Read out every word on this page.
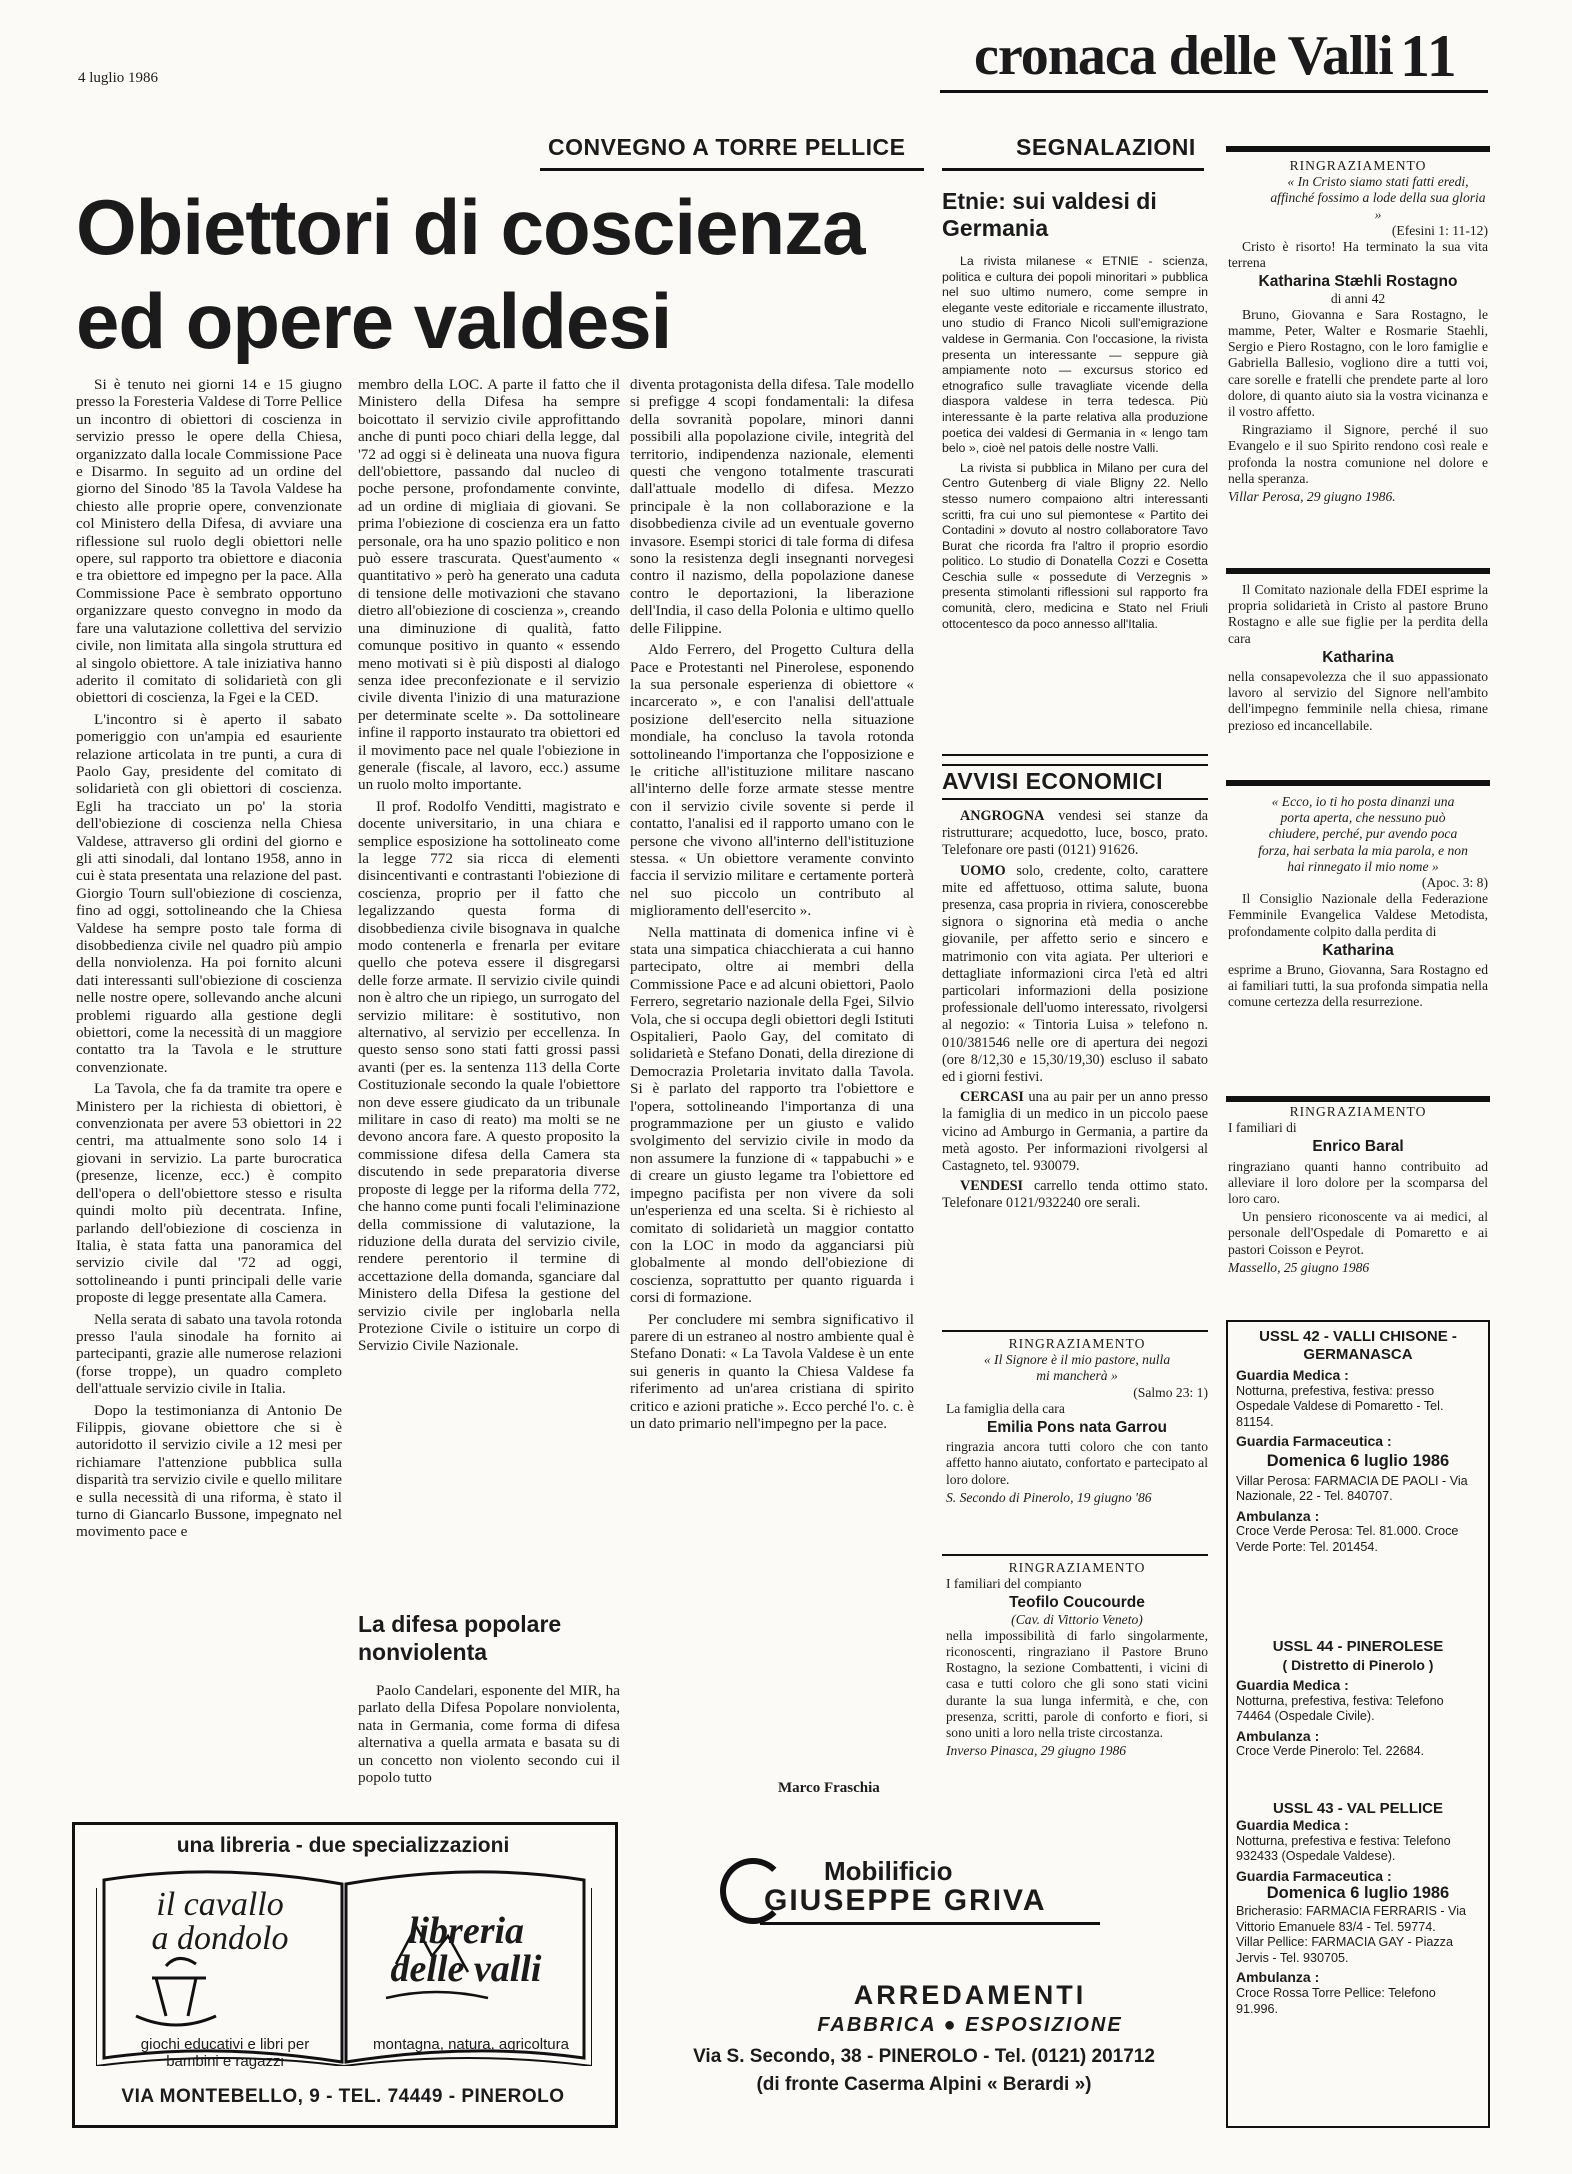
4 luglio 1986	cronaca delle Valli 11
CONVEGNO A TORRE PELLICE	SEGNALAZIONI
Obiettori di coscienza
ed opere valdesi

Si è tenuto nei giorni 14 e 15 giugno presso la Foresteria Valdese di Torre Pellice un incontro di obiettori di coscienza in servizio presso le opere della Chiesa, organizzato dalla locale Commissione Pace e Disarmo. In seguito ad un ordine del giorno del Sinodo '85 la Tavola Valdese ha chiesto alle proprie opere, convenzionate col Ministero della Difesa, di avviare una riflessione sul ruolo degli obiettori nelle opere, sul rapporto tra obiettore e diaconia e tra obiettore ed impegno per la pace. Alla Commissione Pace è sembrato opportuno organizzare questo convegno in modo da fare una valutazione collettiva del servizio civile, non limitata alla singola struttura ed al singolo obiettore. A tale iniziativa hanno aderito il comitato di solidarietà con gli obiettori di coscienza, la Fgei e la CED.

L'incontro si è aperto il sabato pomeriggio con un'ampia ed esauriente relazione articolata in tre punti, a cura di Paolo Gay, presidente del comitato di solidarietà con gli obiettori di coscienza. Egli ha tracciato un po' la storia dell'obiezione di coscienza nella Chiesa Valdese, attraverso gli ordini del giorno e gli atti sinodali, dal lontano 1958, anno in cui è stata presentata una relazione del past. Giorgio Tourn sull'obiezione di coscienza, fino ad oggi, sottolineando che la Chiesa Valdese ha sempre posto tale forma di disobbedienza civile nel quadro più ampio della nonviolenza. Ha poi fornito alcuni dati interessanti sull'obiezione di coscienza nelle nostre opere, sollevando anche alcuni problemi riguardo alla gestione degli obiettori, come la necessità di un maggiore contatto tra la Tavola e le strutture convenzionate.

La Tavola, che fa da tramite tra opere e Ministero per la richiesta di obiettori, è convenzionata per avere 53 obiettori in 22 centri, ma attualmente sono solo 14 i giovani in servizio. La parte burocratica (presenze, licenze, ecc.) è compito dell'opera o dell'obiettore stesso e risulta quindi molto più decentrata. Infine, parlando dell'obiezione di coscienza in Italia, è stata fatta una panoramica del servizio civile dal '72 ad oggi, sottolineando i punti principali delle varie proposte di legge presentate alla Camera.

Nella serata di sabato una tavola rotonda presso l'aula sinodale ha fornito ai partecipanti, grazie alle numerose relazioni (forse troppe), un quadro completo dell'attuale servizio civile in Italia.

Dopo la testimonianza di Antonio De Filippis, giovane obiettore che si è autoridotto il servizio civile a 12 mesi per richiamare l'attenzione pubblica sulla disparità tra servizio civile e quello militare e sulla necessità di una riforma, è stato il turno di Giancarlo Bussone, impegnato nel movimento pace e

membro della LOC. A parte il fatto che il Ministero della Difesa ha sempre boicottato il servizio civile approfittando anche di punti poco chiari della legge, dal '72 ad oggi si è delineata una nuova figura dell'obiettore, passando dal nucleo di poche persone, profondamente convinte, ad un ordine di migliaia di giovani. Se prima l'obiezione di coscienza era un fatto personale, ora ha uno spazio politico e non può essere trascurata. Quest'aumento « quantitativo » però ha generato una caduta di tensione delle motivazioni che stavano dietro all'obiezione di coscienza », creando una diminuzione di qualità, fatto comunque positivo in quanto « essendo meno motivati si è più disposti al dialogo senza idee preconfezionate e il servizio civile diventa l'inizio di una maturazione per determinate scelte ». Da sottolineare infine il rapporto instaurato tra obiettori ed il movimento pace nel quale l'obiezione in generale (fiscale, al lavoro, ecc.) assume un ruolo molto importante.

Il prof. Rodolfo Venditti, magistrato e docente universitario, in una chiara e semplice esposizione ha sottolineato come la legge 772 sia ricca di elementi disincentivanti e contrastanti l'obiezione di coscienza, proprio per il fatto che legalizzando questa forma di disobbedienza civile bisognava in qualche modo contenerla e frenarla per evitare quello che poteva essere il disgregarsi delle forze armate. Il servizio civile quindi non è altro che un ripiego, un surrogato del servizio militare: è sostitutivo, non alternativo, al servizio per eccellenza. In questo senso sono stati fatti grossi passi avanti (per es. la sentenza 113 della Corte Costituzionale secondo la quale l'obiettore non deve essere giudicato da un tribunale militare in caso di reato) ma molti se ne devono ancora fare. A questo proposito la commissione difesa della Camera sta discutendo in sede preparatoria diverse proposte di legge per la riforma della 772, che hanno come punti focali l'eliminazione della commissione di valutazione, la riduzione della durata del servizio civile, rendere perentorio il termine di accettazione della domanda, sganciare dal Ministero della Difesa la gestione del servizio civile per inglobarla nella Protezione Civile o istituire un corpo di Servizio Civile Nazionale.

La difesa popolare nonviolenta

Paolo Candelari, esponente del MIR, ha parlato della Difesa Popolare nonviolenta, nata in Germania, come forma di difesa alternativa a quella armata e basata su di un concetto non violento secondo cui il popolo tutto

diventa protagonista della difesa. Tale modello si prefigge 4 scopi fondamentali: la difesa della sovranità popolare, minori danni possibili alla popolazione civile, integrità del territorio, indipendenza nazionale, elementi questi che vengono totalmente trascurati dall'attuale modello di difesa. Mezzo principale è la non collaborazione e la disobbedienza civile ad un eventuale governo invasore. Esempi storici di tale forma di difesa sono la resistenza degli insegnanti norvegesi contro il nazismo, della popolazione danese contro le deportazioni, la liberazione dell'India, il caso della Polonia e ultimo quello delle Filippine.

Aldo Ferrero, del Progetto Cultura della Pace e Protestanti nel Pinerolese, esponendo la sua personale esperienza di obiettore « incarcerato », e con l'analisi dell'attuale posizione dell'esercito nella situazione mondiale, ha concluso la tavola rotonda sottolineando l'importanza che l'opposizione e le critiche all'istituzione militare nascano all'interno delle forze armate stesse mentre con il servizio civile sovente si perde il contatto, l'analisi ed il rapporto umano con le persone che vivono all'interno dell'istituzione stessa. « Un obiettore veramente convinto faccia il servizio militare e certamente porterà nel suo piccolo un contributo al miglioramento dell'esercito ».

Nella mattinata di domenica infine vi è stata una simpatica chiacchierata a cui hanno partecipato, oltre ai membri della Commissione Pace e ad alcuni obiettori, Paolo Ferrero, segretario nazionale della Fgei, Silvio Vola, che si occupa degli obiettori degli Istituti Ospitalieri, Paolo Gay, del comitato di solidarietà e Stefano Donati, della direzione di Democrazia Proletaria invitato dalla Tavola. Si è parlato del rapporto tra l'obiettore e l'opera, sottolineando l'importanza di una programmazione per un giusto e valido svolgimento del servizio civile in modo da non assumere la funzione di « tappabuchi » e di creare un giusto legame tra l'obiettore ed impegno pacifista per non vivere da soli un'esperienza ed una scelta. Si è richiesto al comitato di solidarietà un maggior contatto con la LOC in modo da agganciarsi più globalmente al mondo dell'obiezione di coscienza, soprattutto per quanto riguarda i corsi di formazione.

Per concludere mi sembra significativo il parere di un estraneo al nostro ambiente qual è Stefano Donati: « La Tavola Valdese è un ente sui generis in quanto la Chiesa Valdese fa riferimento ad un'area cristiana di spirito critico e azioni pratiche ». Ecco perché l'o. c. è un dato primario nell'impegno per la pace.

Marco Fraschia
Etnie: sui valdesi di Germania

La rivista milanese « ETNIE - scienza, politica e cultura dei popoli minoritari » pubblica nel suo ultimo numero, come sempre in elegante veste editoriale e riccamente illustrato, uno studio di Franco Nicoli sull'emigrazione valdese in Germania. Con l'occasione, la rivista presenta un interessante — seppure già ampiamente noto — excursus storico ed etnografico sulle travagliate vicende della diaspora valdese in terra tedesca. Più interessante è la parte relativa alla produzione poetica dei valdesi di Germania in « lengo tam belo », cioè nel patois delle nostre Valli.

La rivista si pubblica in Milano per cura del Centro Gutenberg di viale Bligny 22. Nello stesso numero compaiono altri interessanti scritti, fra cui uno sul piemontese « Partito dei Contadini » dovuto al nostro collaboratore Tavo Burat che ricorda fra l'altro il proprio esordio politico. Lo studio di Donatella Cozzi e Cosetta Ceschia sulle « possedute di Verzegnis » presenta stimolanti riflessioni sul rapporto fra comunità, clero, medicina e Stato nel Friuli ottocentesco da poco annesso all'Italia.

AVVISI ECONOMICI

ANGROGNA vendesi sei stanze da ristrutturare; acquedotto, luce, bosco, prato. Telefonare ore pasti (0121) 91626.

UOMO solo, credente, colto, carattere mite ed affettuoso, ottima salute, buona presenza, casa propria in riviera, conoscerebbe signora o signorina età media o anche giovanile, per affetto serio e sincero e matrimonio con vita agiata. Per ulteriori e dettagliate informazioni circa l'età ed altri particolari informazioni della posizione professionale dell'uomo interessato, rivolgersi al negozio: « Tintoria Luisa » telefono n. 010/381546 nelle ore di apertura dei negozi (ore 8/12,30 e 15,30/19,30) escluso il sabato ed i giorni festivi.

CERCASI una au pair per un anno presso la famiglia di un medico in un piccolo paese vicino ad Amburgo in Germania, a partire da metà agosto. Per informazioni rivolgersi al Castagneto, tel. 930079.

VENDESI carrello tenda ottimo stato. Telefonare 0121/932240 ore serali.

RINGRAZIAMENTO
« Il Signore è il mio pastore, nulla mi mancherà »
(Salmo 23: 1)
La famiglia della cara
Emilia Pons nata Garrou

ringrazia ancora tutti coloro che con tanto affetto hanno aiutato, confortato e partecipato al loro dolore.

S. Secondo di Pinerolo, 19 giugno '86
RINGRAZIAMENTO
I familiari del compianto
Teofilo Coucourde
(Cav. di Vittorio Veneto)

nella impossibilità di farlo singolarmente, riconoscenti, ringraziano il Pastore Bruno Rostagno, la sezione Combattenti, i vicini di casa e tutti coloro che gli sono stati vicini durante la sua lunga infermità, e che, con presenza, scritti, parole di conforto e fiori, si sono uniti a loro nella triste circostanza.

Inverso Pinasca, 29 giugno 1986
RINGRAZIAMENTO
« In Cristo siamo stati fatti eredi, affinché fossimo a lode della sua gloria »
(Efesini 1: 11-12)

Cristo è risorto! Ha terminato la sua vita terrena

Katharina Stæhli Rostagno
di anni 42

Bruno, Giovanna e Sara Rostagno, le mamme, Peter, Walter e Rosmarie Staehli, Sergio e Piero Rostagno, con le loro famiglie e Gabriella Ballesio, vogliono dire a tutti voi, care sorelle e fratelli che prendete parte al loro dolore, di quanto aiuto sia la vostra vicinanza e il vostro affetto.

Ringraziamo il Signore, perché il suo Evangelo e il suo Spirito rendono così reale e profonda la nostra comunione nel dolore e nella speranza.

Villar Perosa, 29 giugno 1986.

Il Comitato nazionale della FDEI esprime la propria solidarietà in Cristo al pastore Bruno Rostagno e alle sue figlie per la perdita della cara

Katharina

nella consapevolezza che il suo appassionato lavoro al servizio del Signore nell'ambito dell'impegno femminile nella chiesa, rimane prezioso ed incancellabile.

« Ecco, io ti ho posta dinanzi una porta aperta, che nessuno può chiudere, perché, pur avendo poca forza, hai serbata la mia parola, e non hai rinnegato il mio nome »
(Apoc. 3: 8)

Il Consiglio Nazionale della Federazione Femminile Evangelica Valdese Metodista, profondamente colpito dalla perdita di

Katharina

esprime a Bruno, Giovanna, Sara Rostagno ed ai familiari tutti, la sua profonda simpatia nella comune certezza della resurrezione.

RINGRAZIAMENTO
I familiari di
Enrico Baral

ringraziano quanti hanno contribuito ad alleviare il loro dolore per la scomparsa del loro caro.

Un pensiero riconoscente va ai medici, al personale dell'Ospedale di Pomaretto e ai pastori Coisson e Peyrot.

Massello, 25 giugno 1986
USSL 42 - VALLI CHISONE - GERMANASCA
Guardia Medica :
Notturna, prefestiva, festiva: presso Ospedale Valdese di Pomaretto - Tel. 81154.
Guardia Farmaceutica :
Domenica 6 luglio 1986
Villar Perosa: FARMACIA DE PAOLI - Via Nazionale, 22 - Tel. 840707.
Ambulanza :
Croce Verde Perosa: Tel. 81.000. Croce Verde Porte: Tel. 201454.
USSL 44 - PINEROLESE
( Distretto di Pinerolo )
Guardia Medica :
Notturna, prefestiva, festiva: Telefono 74464 (Ospedale Civile).
Ambulanza :
Croce Verde Pinerolo: Tel. 22684.
USSL 43 - VAL PELLICE
Guardia Medica :
Notturna, prefestiva e festiva: Telefono 932433 (Ospedale Valdese).
Guardia Farmaceutica :
Domenica 6 luglio 1986
Bricherasio: FARMACIA FERRARIS - Via Vittorio Emanuele 83/4 - Tel. 59774.
Villar Pellice: FARMACIA GAY - Piazza Jervis - Tel. 930705.
Ambulanza :
Croce Rossa Torre Pellice: Telefono 91.996.
una libreria - due specializzazioni
il cavallo
a dondolo
giochi educativi e libri per bambini e ragazzi
libreria
delle valli
montagna, natura, agricoltura
VIA MONTEBELLO, 9 - TEL. 74449 - PINEROLO
Mobilificio
GIUSEPPE GRIVA
ARREDAMENTI
FABBRICA ● ESPOSIZIONE
Via S. Secondo, 38 - PINEROLO - Tel. (0121) 201712
(di fronte Caserma Alpini « Berardi »)
